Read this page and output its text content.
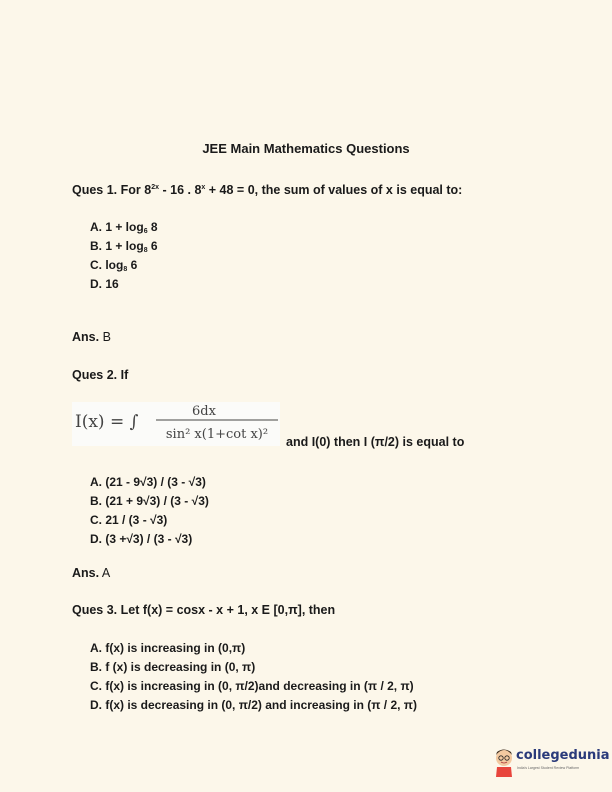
JEE Main Mathematics Questions
Ques 1. For $8^{2x} - 16$ . $8^x + 48 = 0$, the sum of values of x is equal to:
A. $1 + \log_6 8$
B. $1 + \log_8 6$
C. $\log_8 6$
D. 16
Ans. B
Ques 2. If
I(x) = ∫
6dx
sin² x(1+cot x)² and I(0) then I (π/2) is equal to
A. (21 - 9√3) / (3 - √3)
B. (21 + 9√3) / (3 - √3)
C. 21 / (3 - √3)
D. (3 +√3) / (3 - √3)
Ans. A
Ques 3. Let f(x) = cosx - x + 1, x E [0,π], then
A. f(x) is increasing in (0,π)
B. f (x) is decreasing in (0, π)
C. f(x) is increasing in (0, π/2)and decreasing in (π / 2, π)
D. f(x) is decreasing in (0, π/2) and increasing in (π / 2, π)
collegedunia
India's Largest Student Review Platform
